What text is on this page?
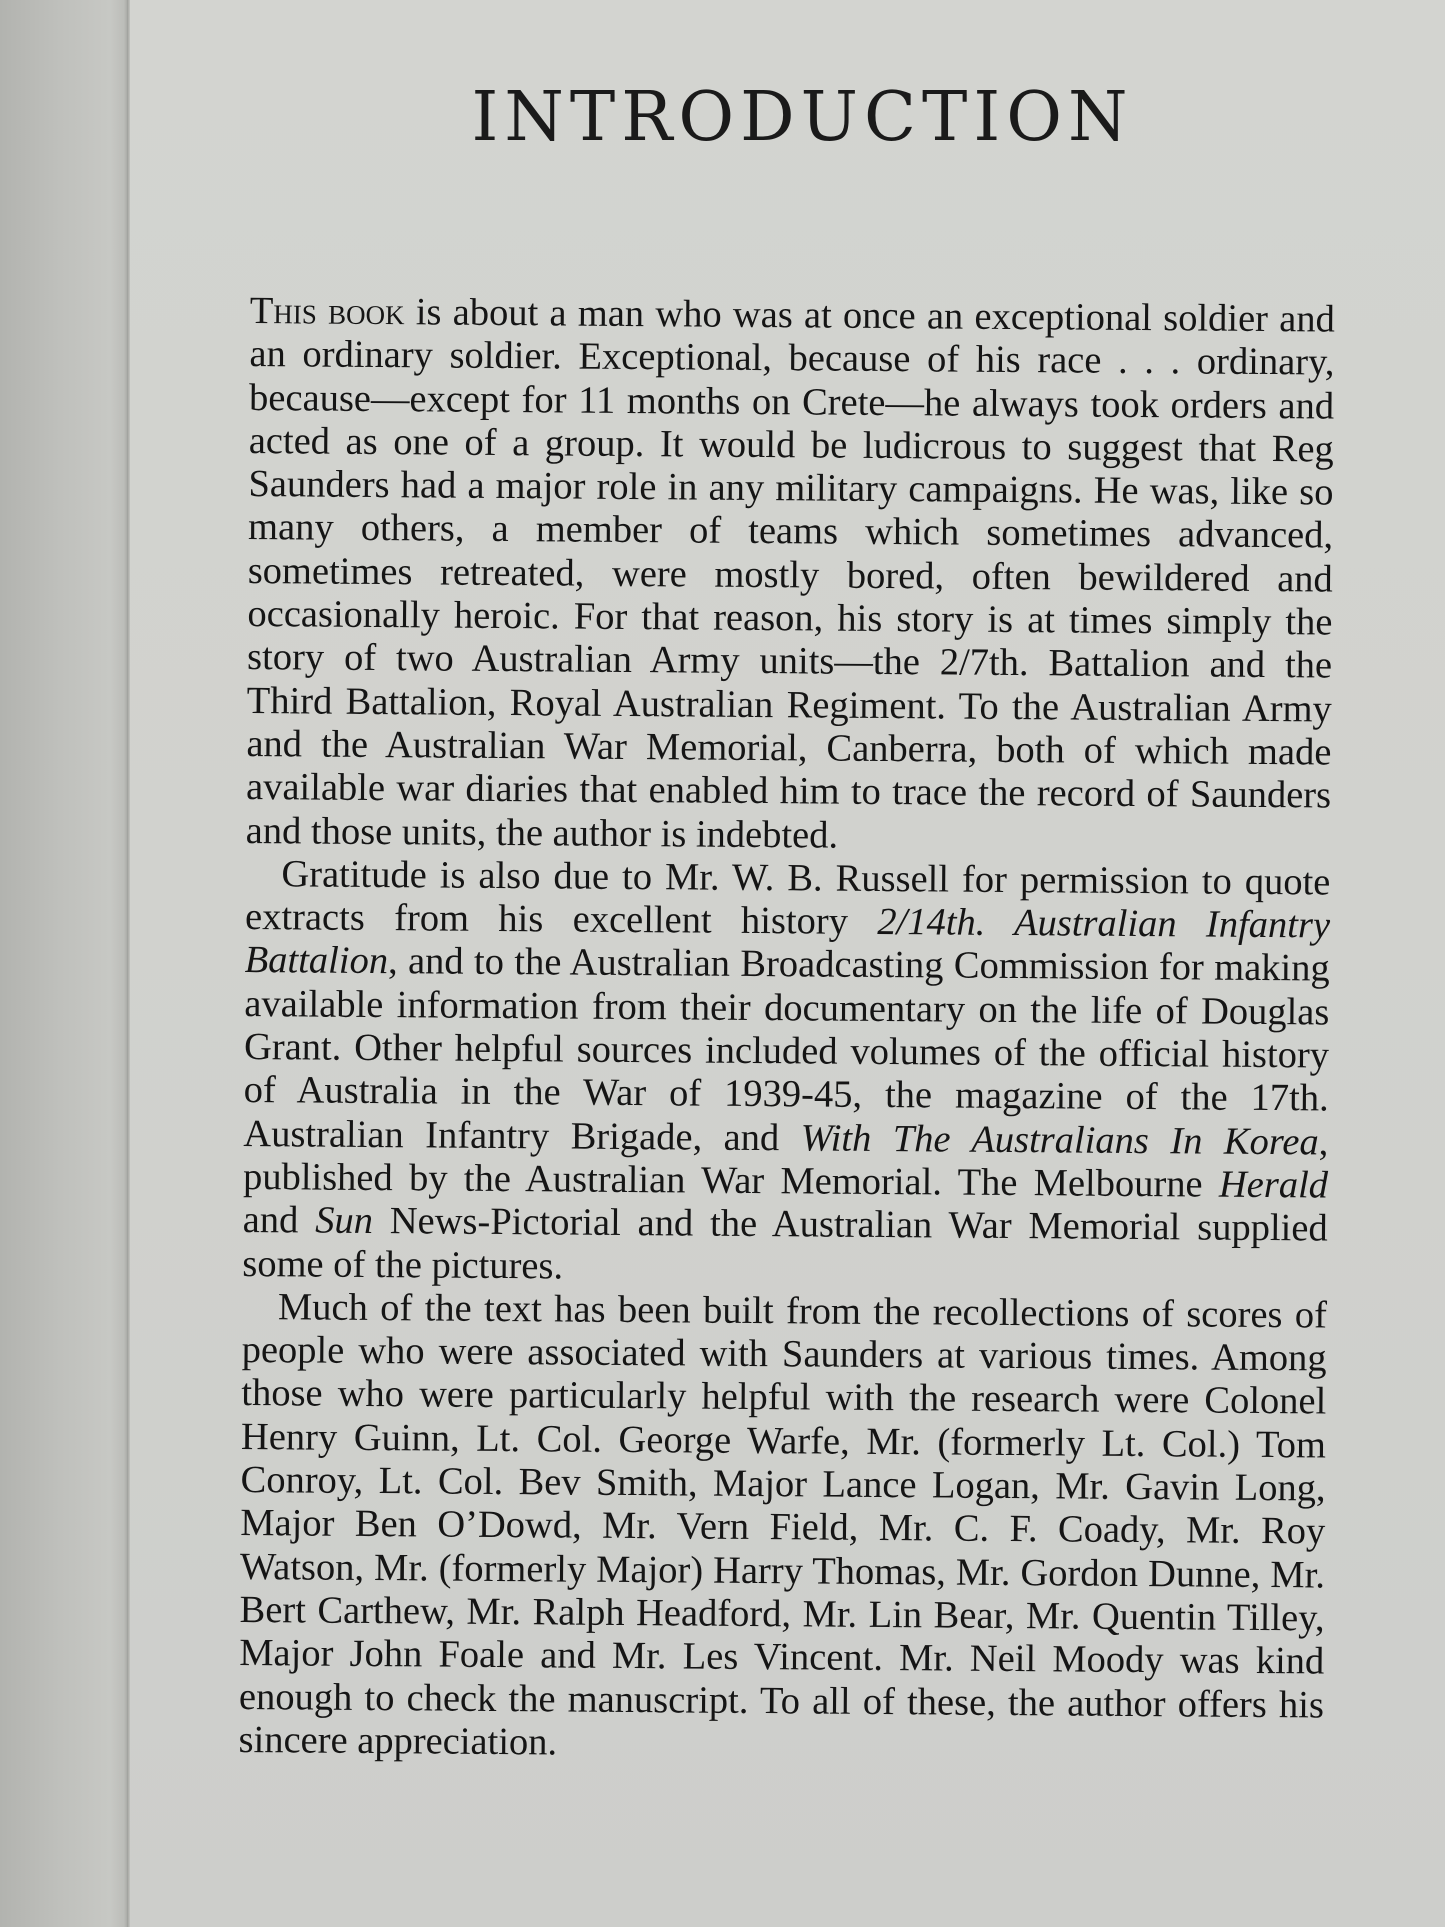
INTRODUCTION

This book is about a man who was at once an exceptional soldier and an ordinary soldier. Exceptional, because of his race . . . ordinary, because—except for 11 months on Crete—he always took orders and acted as one of a group. It would be ludicrous to suggest that Reg Saunders had a major role in any military campaigns. He was, like so many others, a member of teams which sometimes advanced, sometimes retreated, were mostly bored, often bewildered and occasionally heroic. For that reason, his story is at times simply the story of two Australian Army units—the 2/7th. Battalion and the Third Battalion, Royal Australian Regiment. To the Australian Army and the Australian War Memorial, Canberra, both of which made available war diaries that enabled him to trace the record of Saunders and those units, the author is indebted.

Gratitude is also due to Mr. W. B. Russell for permission to quote extracts from his excellent history 2/14th. Australian Infantry Battalion, and to the Australian Broadcasting Commission for making available information from their documentary on the life of Douglas Grant. Other helpful sources included volumes of the official history of Australia in the War of 1939-45, the magazine of the 17th. Australian Infantry Brigade, and With The Australians In Korea, published by the Australian War Memorial. The Melbourne Herald and Sun News-Pictorial and the Australian War Memorial supplied some of the pictures.

Much of the text has been built from the recollections of scores of people who were associated with Saunders at various times. Among those who were particularly helpful with the research were Colonel Henry Guinn, Lt. Col. George Warfe, Mr. (formerly Lt. Col.) Tom Conroy, Lt. Col. Bev Smith, Major Lance Logan, Mr. Gavin Long, Major Ben O’Dowd, Mr. Vern Field, Mr. C. F. Coady, Mr. Roy Watson, Mr. (formerly Major) Harry Thomas, Mr. Gordon Dunne, Mr. Bert Carthew, Mr. Ralph Headford, Mr. Lin Bear, Mr. Quentin Tilley, Major John Foale and Mr. Les Vincent. Mr. Neil Moody was kind enough to check the manuscript. To all of these, the author offers his sincere appreciation.
